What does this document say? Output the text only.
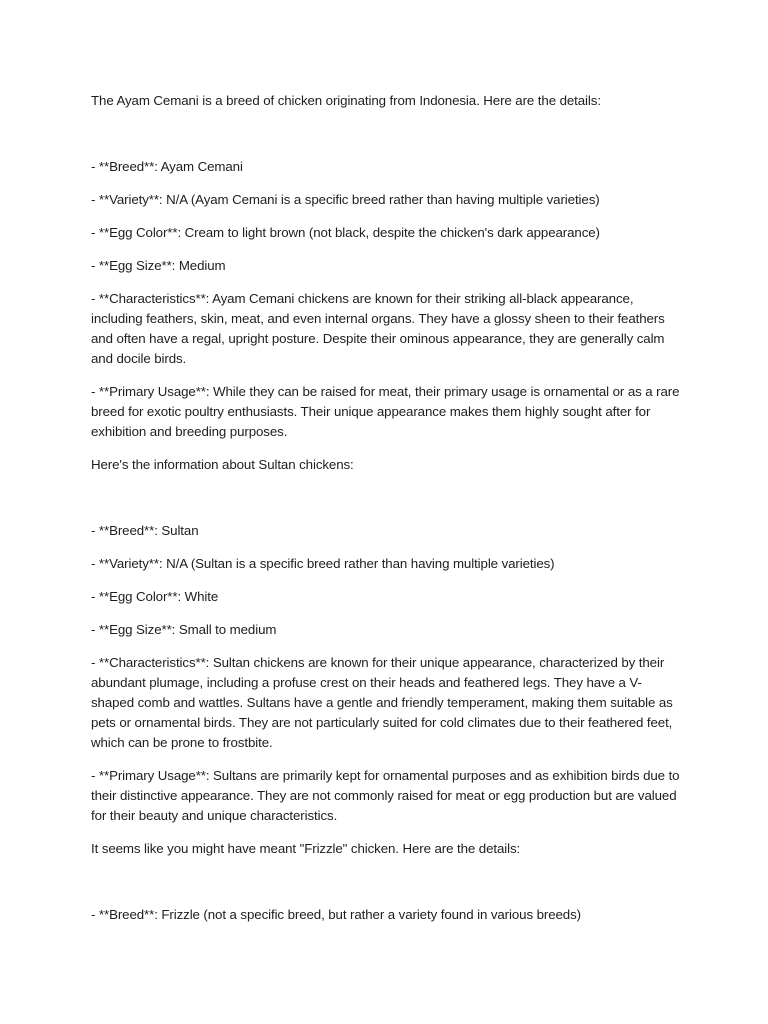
The Ayam Cemani is a breed of chicken originating from Indonesia. Here are the details:

- **Breed**: Ayam Cemani

- **Variety**: N/A (Ayam Cemani is a specific breed rather than having multiple varieties)

- **Egg Color**: Cream to light brown (not black, despite the chicken's dark appearance)

- **Egg Size**: Medium

- **Characteristics**: Ayam Cemani chickens are known for their striking all-black appearance, including feathers, skin, meat, and even internal organs. They have a glossy sheen to their feathers and often have a regal, upright posture. Despite their ominous appearance, they are generally calm and docile birds.

- **Primary Usage**: While they can be raised for meat, their primary usage is ornamental or as a rare breed for exotic poultry enthusiasts. Their unique appearance makes them highly sought after for exhibition and breeding purposes.

Here's the information about Sultan chickens:

- **Breed**: Sultan

- **Variety**: N/A (Sultan is a specific breed rather than having multiple varieties)

- **Egg Color**: White

- **Egg Size**: Small to medium

- **Characteristics**: Sultan chickens are known for their unique appearance, characterized by their abundant plumage, including a profuse crest on their heads and feathered legs. They have a V-shaped comb and wattles. Sultans have a gentle and friendly temperament, making them suitable as pets or ornamental birds. They are not particularly suited for cold climates due to their feathered feet, which can be prone to frostbite.

- **Primary Usage**: Sultans are primarily kept for ornamental purposes and as exhibition birds due to their distinctive appearance. They are not commonly raised for meat or egg production but are valued for their beauty and unique characteristics.

It seems like you might have meant "Frizzle" chicken. Here are the details:

- **Breed**: Frizzle (not a specific breed, but rather a variety found in various breeds)
